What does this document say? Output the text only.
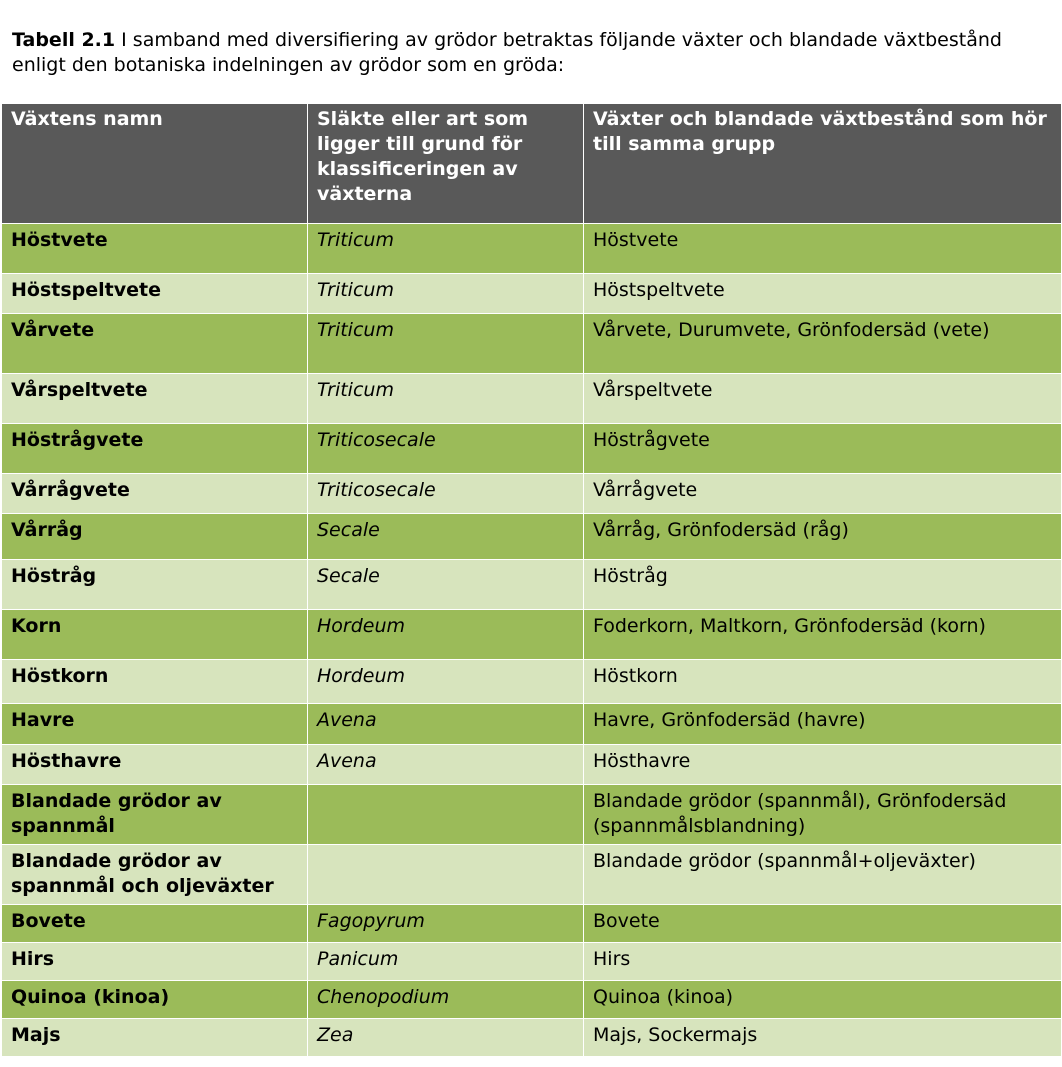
Tabell 2.1 I samband med diversifiering av grödor betraktas följande växter och blandade växtbestånd enligt den botaniska indelningen av grödor som en gröda:
Växtens namn	Släkte eller art som ligger till grund för klassificeringen av växterna	Växter och blandade växtbestånd som hör till samma grupp
Höstvete	Triticum	Höstvete
Höstspeltvete	Triticum	Höstspeltvete
Vårvete	Triticum	Vårvete, Durumvete, Grönfodersäd (vete)
Vårspeltvete	Triticum	Vårspeltvete
Höstrågvete	Triticosecale	Höstrågvete
Vårrågvete	Triticosecale	Vårrågvete
Vårråg	Secale	Vårråg, Grönfodersäd (råg)
Höstråg	Secale	Höstråg
Korn	Hordeum	Foderkorn, Maltkorn, Grönfodersäd (korn)
Höstkorn	Hordeum	Höstkorn
Havre	Avena	Havre, Grönfodersäd (havre)
Hösthavre	Avena	Hösthavre
Blandade grödor av spannmål		Blandade grödor (spannmål), Grönfodersäd (spannmålsblandning)
Blandade grödor av spannmål och oljeväxter		Blandade grödor (spannmål+oljeväxter)
Bovete	Fagopyrum	Bovete
Hirs	Panicum	Hirs
Quinoa (kinoa)	Chenopodium	Quinoa (kinoa)
Majs	Zea	Majs, Sockermajs
